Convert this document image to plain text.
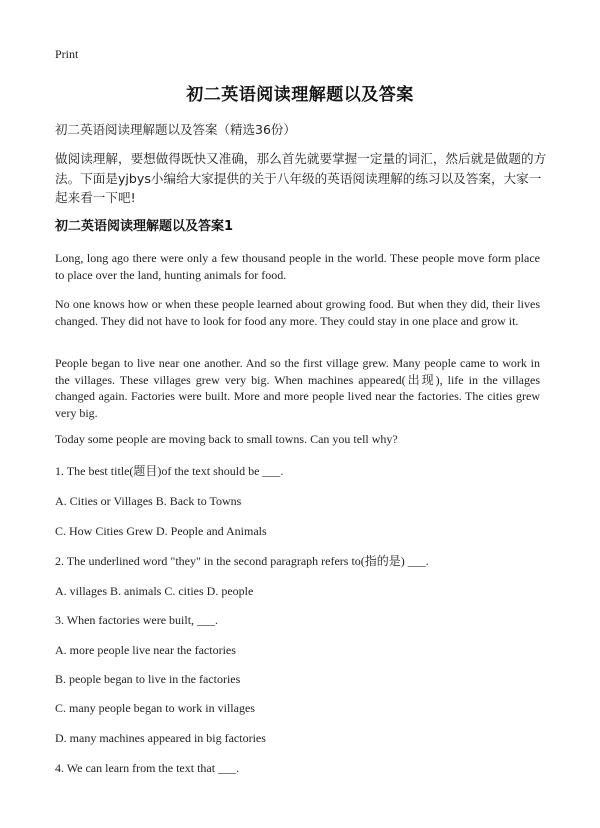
Print
初二英语阅读理解题以及答案
初二英语阅读理解题以及答案（精选36份）

做阅读理解，要想做得既快又准确，那么首先就要掌握一定量的词汇，然后就是做题的方法。下面是yjbys小编给大家提供的关于八年级的英语阅读理解的练习以及答案，大家一起来看一下吧!

初二英语阅读理解题以及答案1

Long, long ago there were only a few thousand people in the world. These people move form place to place over the land, hunting animals for food.

No one knows how or when these people learned about growing food. But when they did, their lives changed. They did not have to look for food any more. They could stay in one place and grow it.

People began to live near one another. And so the first village grew. Many people came to work in the villages. These villages grew very big. When machines appeared(出现), life in the villages changed again. Factories were built. More and more people lived near the factories. The cities grew very big.

Today some people are moving back to small towns. Can you tell why?

1. The best title(题目)of the text should be ___.

A. Cities or Villages B. Back to Towns

C. How Cities Grew D. People and Animals

2. The underlined word "they" in the second paragraph refers to(指的是) ___.

A. villages B. animals C. cities D. people

3. When factories were built, ___.

A. more people live near the factories

B. people began to live in the factories

C. many people began to work in villages

D. many machines appeared in big factories

4. We can learn from the text that ___.
